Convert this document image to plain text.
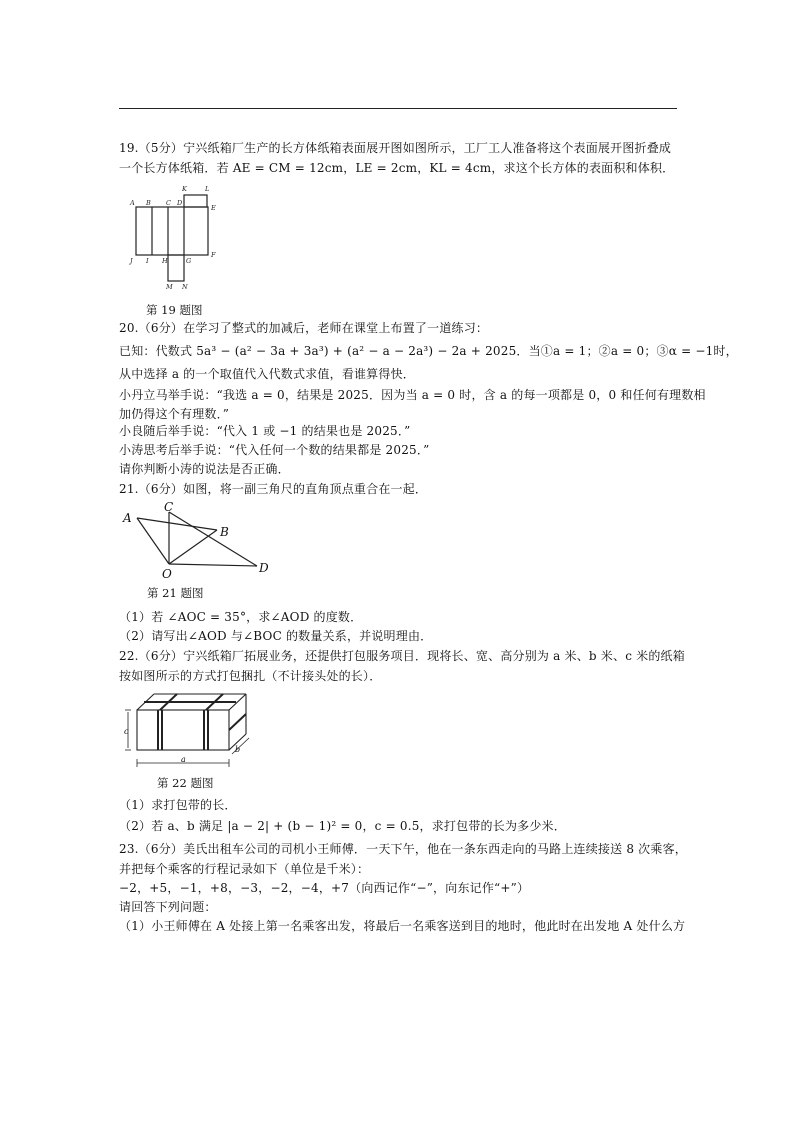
19.（5分）宁兴纸箱厂生产的长方体纸箱表面展开图如图所示，工厂工人准备将这个表面展开图折叠成
一个长方体纸箱．若 AE = CM = 12cm，LE = 2cm，KL = 4cm，求这个长方体的表面积和体积．
K	L
A B C D
E
F
J I H	G
M N
第 19 题图
20.（6分）在学习了整式的加减后，老师在课堂上布置了一道练习：
已知：代数式 5a³ − (a² − 3a + 3a³) + (a² − a − 2a³) − 2a + 2025．当①a = 1；②a = 0；③α = −1时，
从中选择 a 的一个取值代入代数式求值，看谁算得快．
小丹立马举手说：“我选 a = 0，结果是 2025．因为当 a = 0 时，含 a 的每一项都是 0，0 和任何有理数相
加仍得这个有理数．”
小良随后举手说：“代入 1 或 −1 的结果也是 2025．”
小涛思考后举手说：“代入任何一个数的结果都是 2025．”
请你判断小涛的说法是否正确．
21.（6分）如图，将一副三角尺的直角顶点重合在一起．
A
C
B
O	D
第 21 题图
（1）若 ∠AOC = 35°，求∠AOD 的度数．
（2）请写出∠AOD 与∠BOC 的数量关系，并说明理由．
22.（6分）宁兴纸箱厂拓展业务，还提供打包服务项目．现将长、宽、高分别为 a 米、b 米、c 米的纸箱
按如图所示的方式打包捆扎（不计接头处的长）．
c
a
b
第 22 题图
（1）求打包带的长．
（2）若 a、b 满足 |a − 2| + (b − 1)² = 0，c = 0.5，求打包带的长为多少米．
23.（6分）美氏出租车公司的司机小王师傅．一天下午，他在一条东西走向的马路上连续接送 8 次乘客，
并把每个乘客的行程记录如下（单位是千米）：
−2，+5，−1，+8，−3，−2，−4，+7（向西记作“−”，向东记作“+”）
请回答下列问题：
（1）小王师傅在 A 处接上第一名乘客出发，将最后一名乘客送到目的地时，他此时在出发地 A 处什么方
